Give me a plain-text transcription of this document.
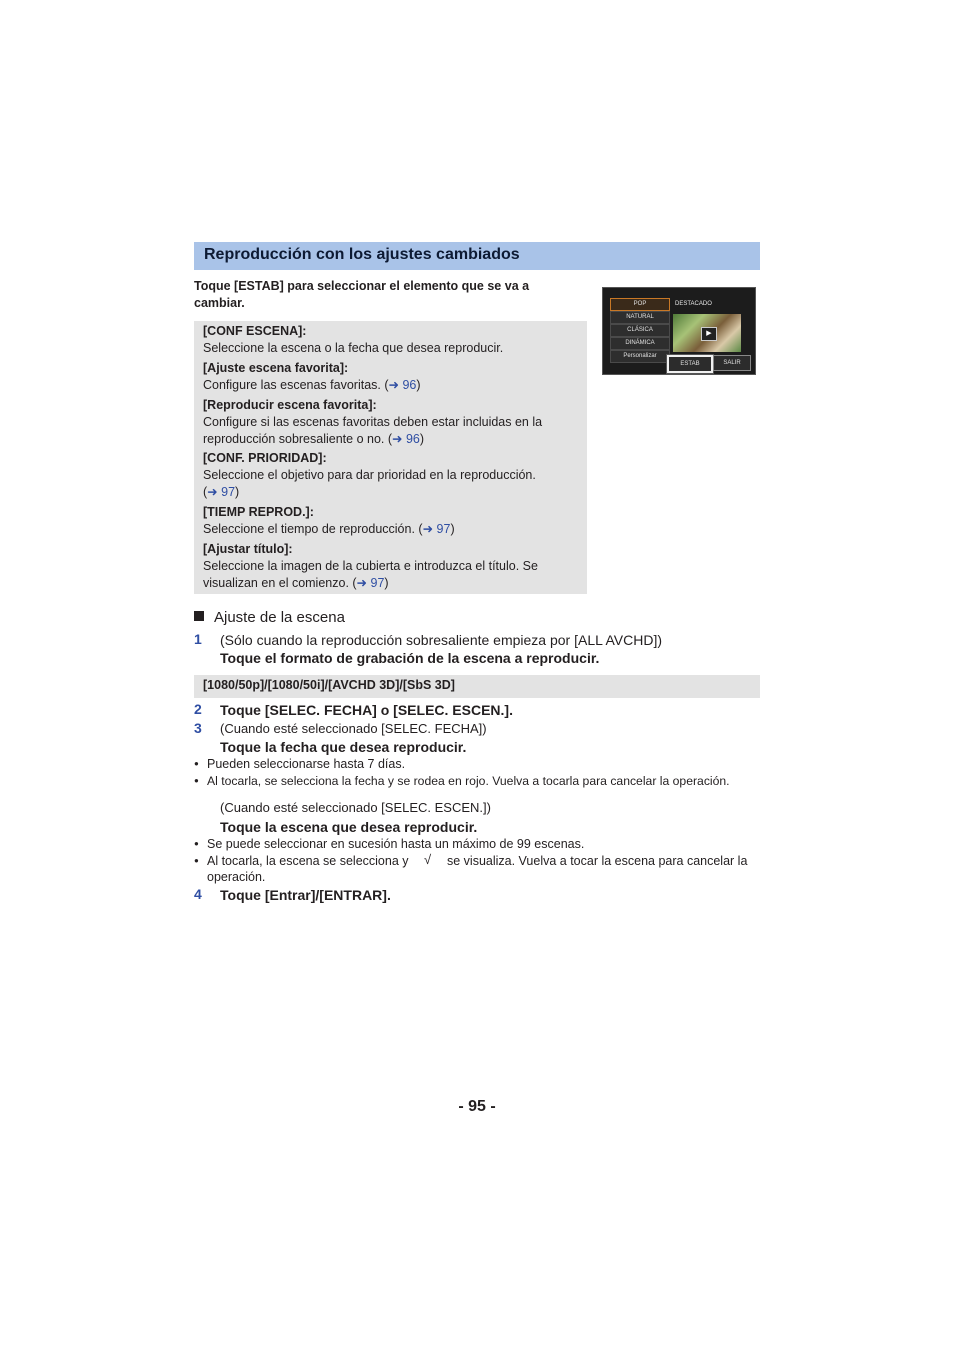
Reproducción con los ajustes cambiados
Toque [ESTAB] para seleccionar el elemento que se va a cambiar.
[CONF ESCENA]:
Seleccione la escena o la fecha que desea reproducir.
[Ajuste escena favorita]:
Configure las escenas favoritas. (➜ 96)
[Reproducir escena favorita]:
Configure si las escenas favoritas deben estar incluidas en la reproducción sobresaliente o no. (➜ 96)
[CONF. PRIORIDAD]:
Seleccione el objetivo para dar prioridad en la reproducción. (➜ 97)
[TIEMP REPROD.]:
Seleccione el tiempo de reproducción. (➜ 97)
[Ajustar título]:
Seleccione la imagen de la cubierta e introduzca el título. Se visualizan en el comienzo. (➜ 97)
POP
NATURAL
CLÁSICA
DINÁMICA
Personalizar
DESTACADO
▶
ESTAB	SALIR
Ajuste de la escena
1 (Sólo cuando la reproducción sobresaliente empieza por [ALL AVCHD])
Toque el formato de grabación de la escena a reproducir.
[1080/50p]/[1080/50i]/[AVCHD 3D]/[SbS 3D]
2 Toque [SELEC. FECHA] o [SELEC. ESCEN.].
3 (Cuando esté seleccionado [SELEC. FECHA])
Toque la fecha que desea reproducir.
● Pueden seleccionarse hasta 7 días.
● Al tocarla, se selecciona la fecha y se rodea en rojo. Vuelva a tocarla para cancelar la operación.
(Cuando esté seleccionado [SELEC. ESCEN.])
Toque la escena que desea reproducir.
● Se puede seleccionar en sucesión hasta un máximo de 99 escenas.
● Al tocarla, la escena se selecciona y √ se visualiza. Vuelva a tocar la escena para cancelar la
operación.
4 Toque [Entrar]/[ENTRAR].
- 95 -
